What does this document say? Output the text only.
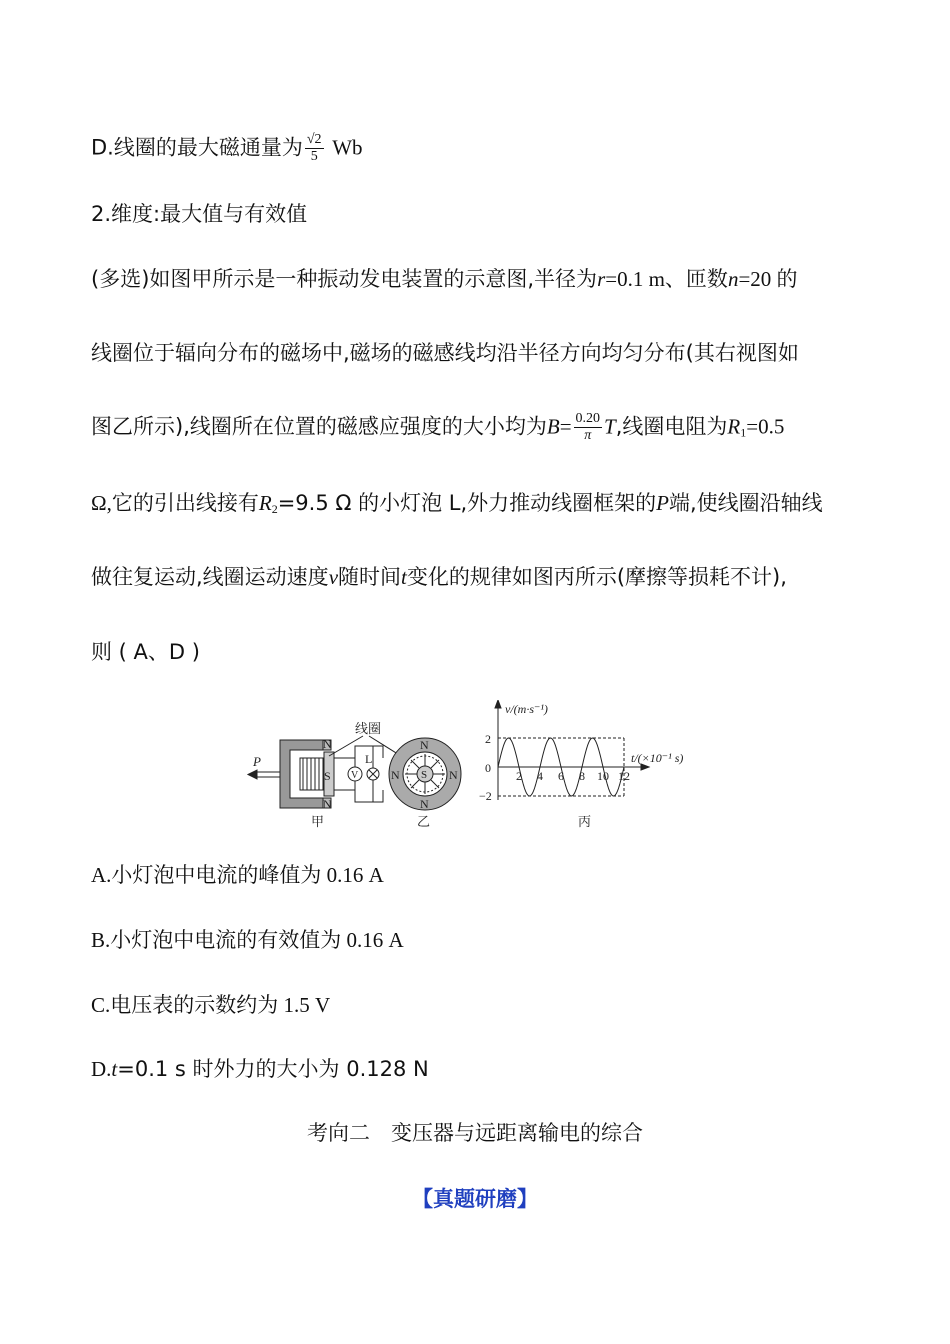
D.线圈的最大磁通量为 $\frac{√2}{5}$ Wb
2.维度:最大值与有效值
(多选)如图甲所示是一种振动发电装置的示意图,半径为r=0.1 m、匝数n=20 的
线圈位于辐向分布的磁场中,磁场的磁感线均沿半径方向均匀分布(其右视图如
图乙所示),线圈所在位置的磁感应强度的大小均为$B= \frac{0.20}{\pi} T$,线圈电阻为$R_1=0.5$
Ω,它的引出线接有$R_2=9.5$ Ω 的小灯泡 L,外力推动线圈框架的P端,使线圈沿轴线
做往复运动,线圈运动速度v随时间t变化的规律如图丙所示(摩擦等损耗不计),
则 ( A、D )
P
S
N
N
V
L
线圈
甲
S
N
N
N	N
乙
v/(m·s⁻¹)
t/(×10⁻¹ s)
2
0
−2
2 4 6 8 10 12
丙
A.小灯泡中电流的峰值为 0.16 A
B.小灯泡中电流的有效值为 0.16 A
C.电压表的示数约为 1.5 V
D.t=0.1 s 时外力的大小为 0.128 N
考向二　变压器与远距离输电的综合
【真题研磨】
